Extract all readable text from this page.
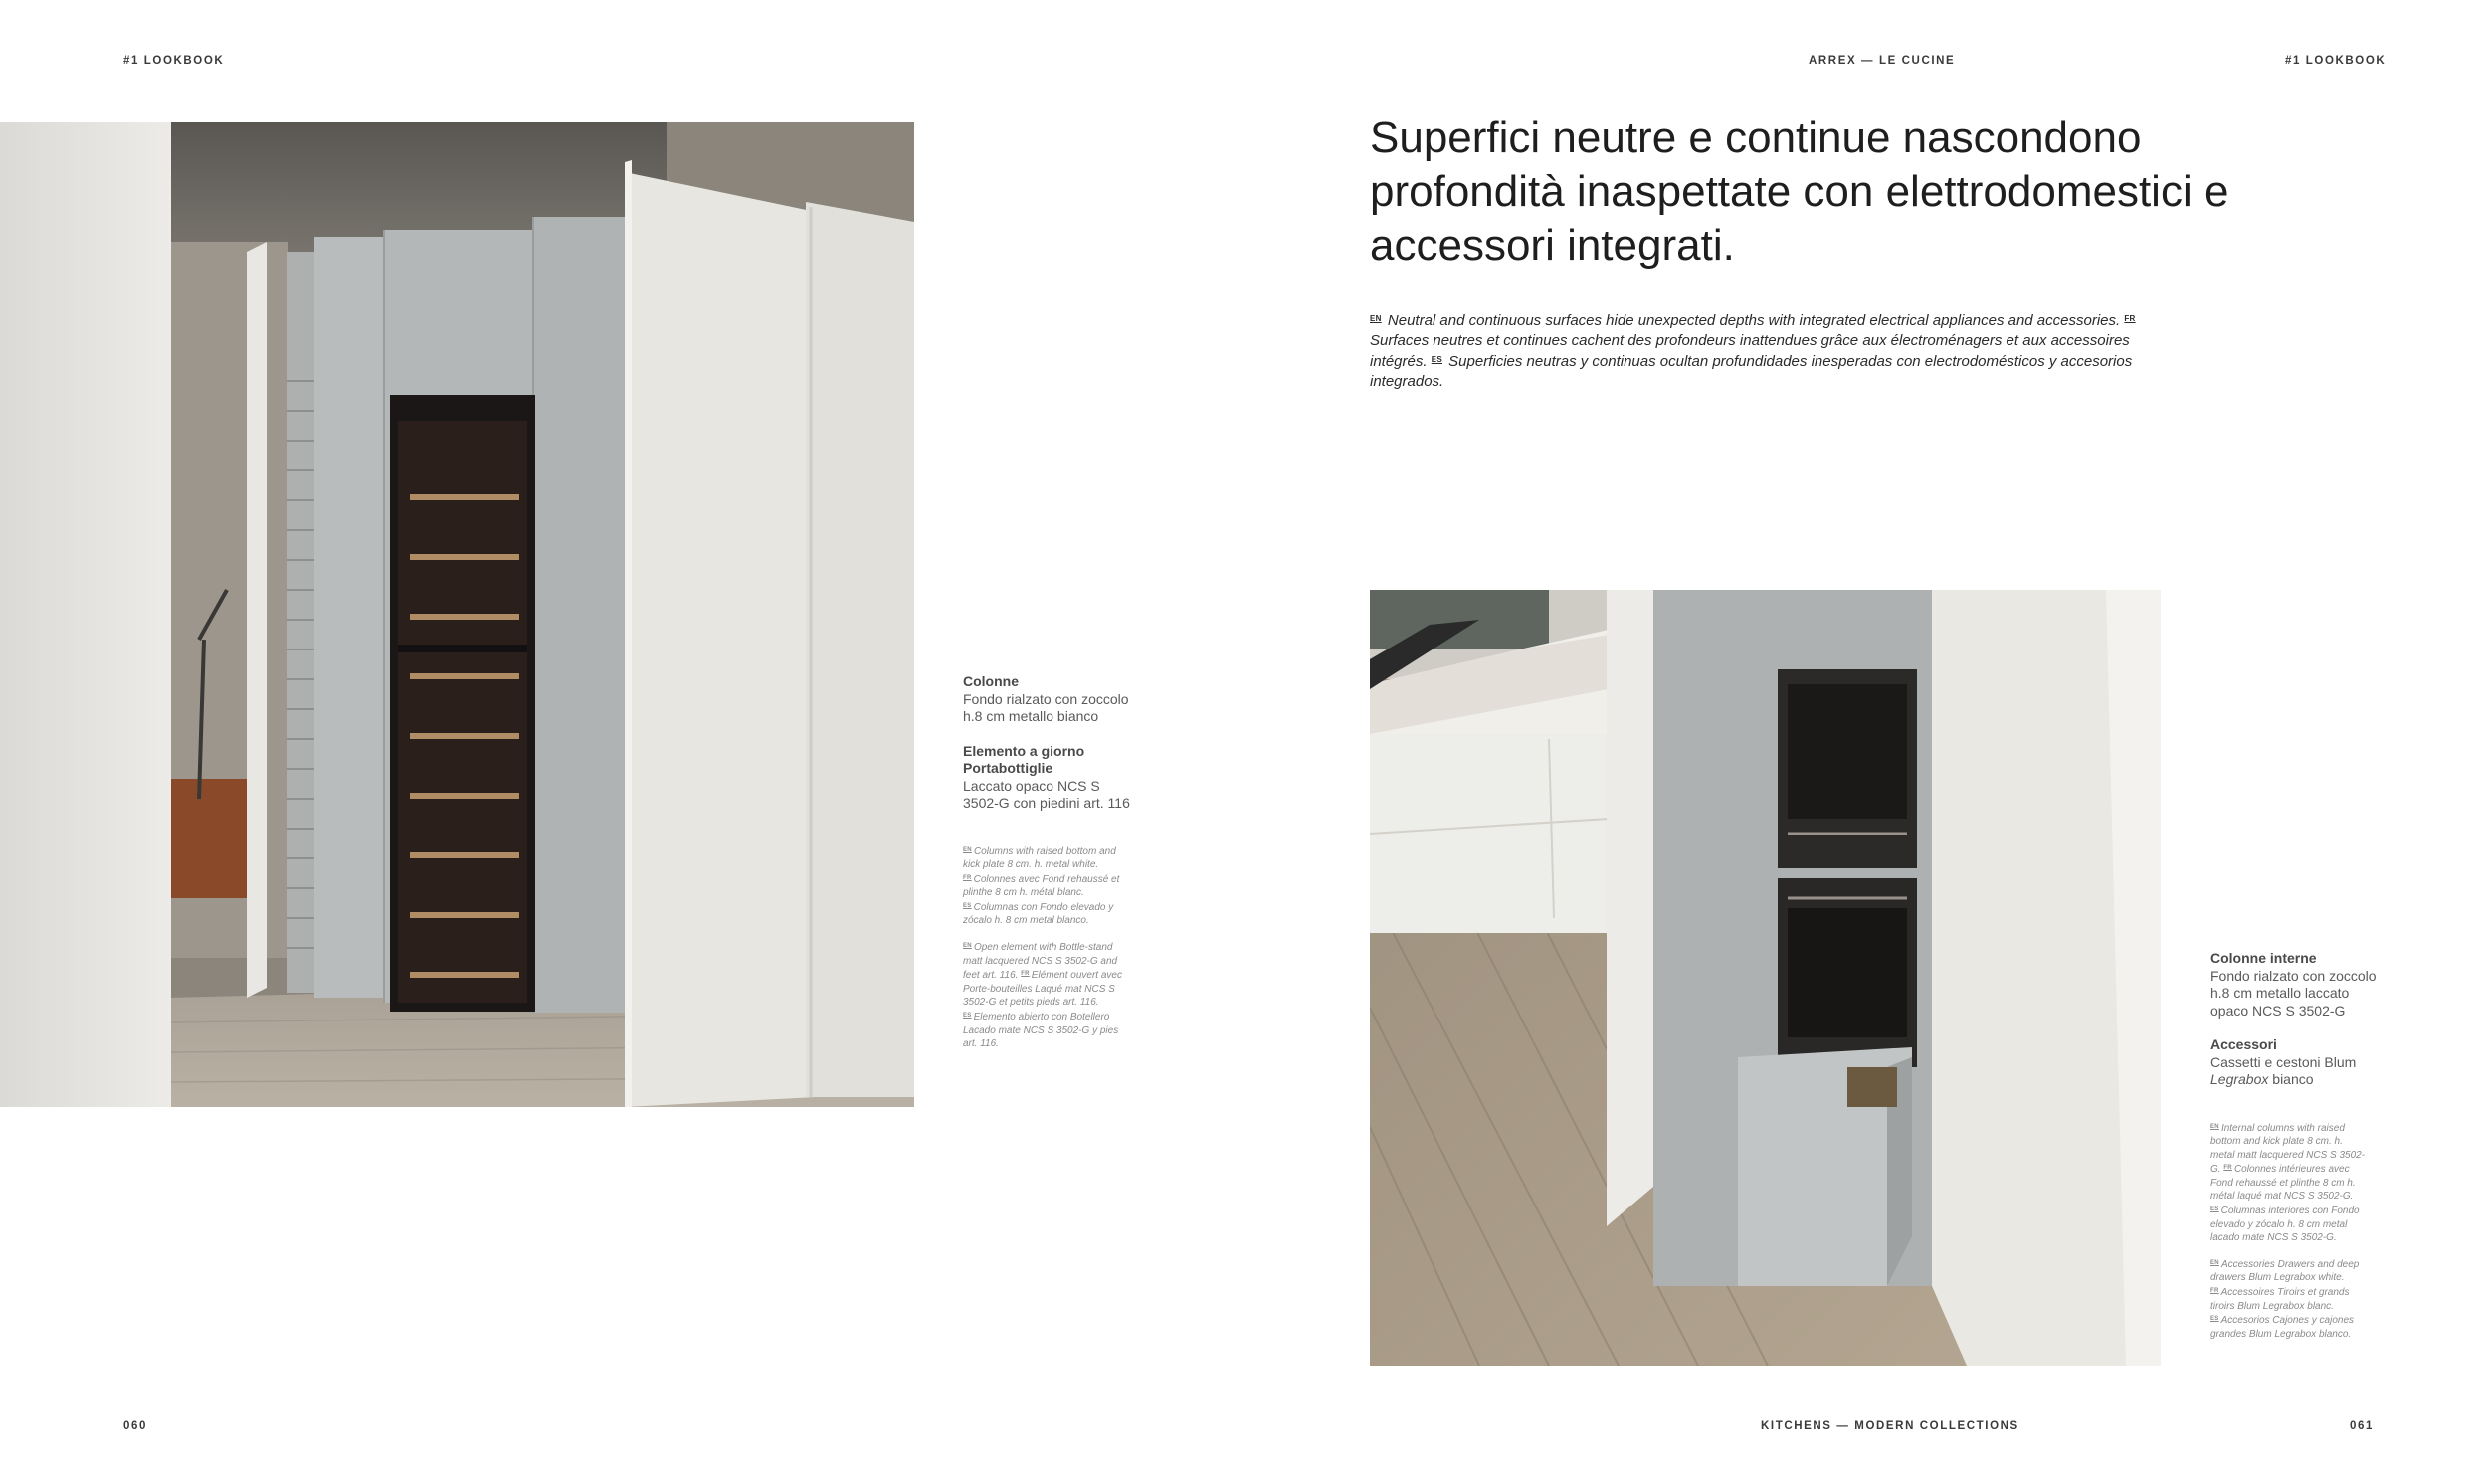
#1 LOOKBOOK	ARREX — LE CUCINE	#1 LOOKBOOK
Colonne
Fondo rialzato con zoccolo h.8 cm metallo bianco
Elemento a giorno Portabottiglie
Laccato opaco NCS S 3502-G con piedini art. 116
$^{EN}$ Columns with raised bottom and kick plate 8 cm. h. metal white. $^{FR}$ Colonnes avec Fond rehaussé et plinthe 8 cm h. métal blanc. $^{ES}$ Columnas con Fondo elevado y zócalo h. 8 cm metal blanco.
$^{EN}$ Open element with Bottle-stand matt lacquered NCS S 3502-G and feet art. 116. $^{FR}$ Elément ouvert avec Porte-bouteilles Laqué mat NCS S 3502-G et petits pieds art. 116. $^{ES}$ Elemento abierto con Botellero Lacado mate NCS S 3502-G y pies art. 116.
Superfici neutre e continue nascondono profondità inaspettate con elettrodomestici e accessori integrati.
$^{EN}$ Neutral and continuous surfaces hide unexpected depths with integrated electrical appliances and accessories. $^{FR}$ Surfaces neutres et continues cachent des profondeurs inattendues grâce aux électroménagers et aux accessoires intégrés. $^{ES}$ Superficies neutras y continuas ocultan profundidades inesperadas con electrodomésticos y accesorios integrados.
Colonne interne
Fondo rialzato con zoccolo h.8 cm metallo laccato opaco NCS S 3502-G
Accessori
Cassetti e cestoni Blum
Legrabox bianco
$^{EN}$ Internal columns with raised bottom and kick plate 8 cm. h. metal matt lacquered NCS S 3502-G. $^{FR}$ Colonnes intérieures avec Fond rehaussé et plinthe 8 cm h. métal laqué mat NCS S 3502-G. $^{ES}$ Columnas interiores con Fondo elevado y zócalo h. 8 cm metal lacado mate NCS S 3502-G.
$^{EN}$ Accessories Drawers and deep drawers Blum Legrabox white. $^{FR}$ Accessoires Tiroirs et grands tiroirs Blum Legrabox blanc. $^{ES}$ Accesorios Cajones y cajones grandes Blum Legrabox blanco.
060	KITCHENS — MODERN COLLECTIONS	061
